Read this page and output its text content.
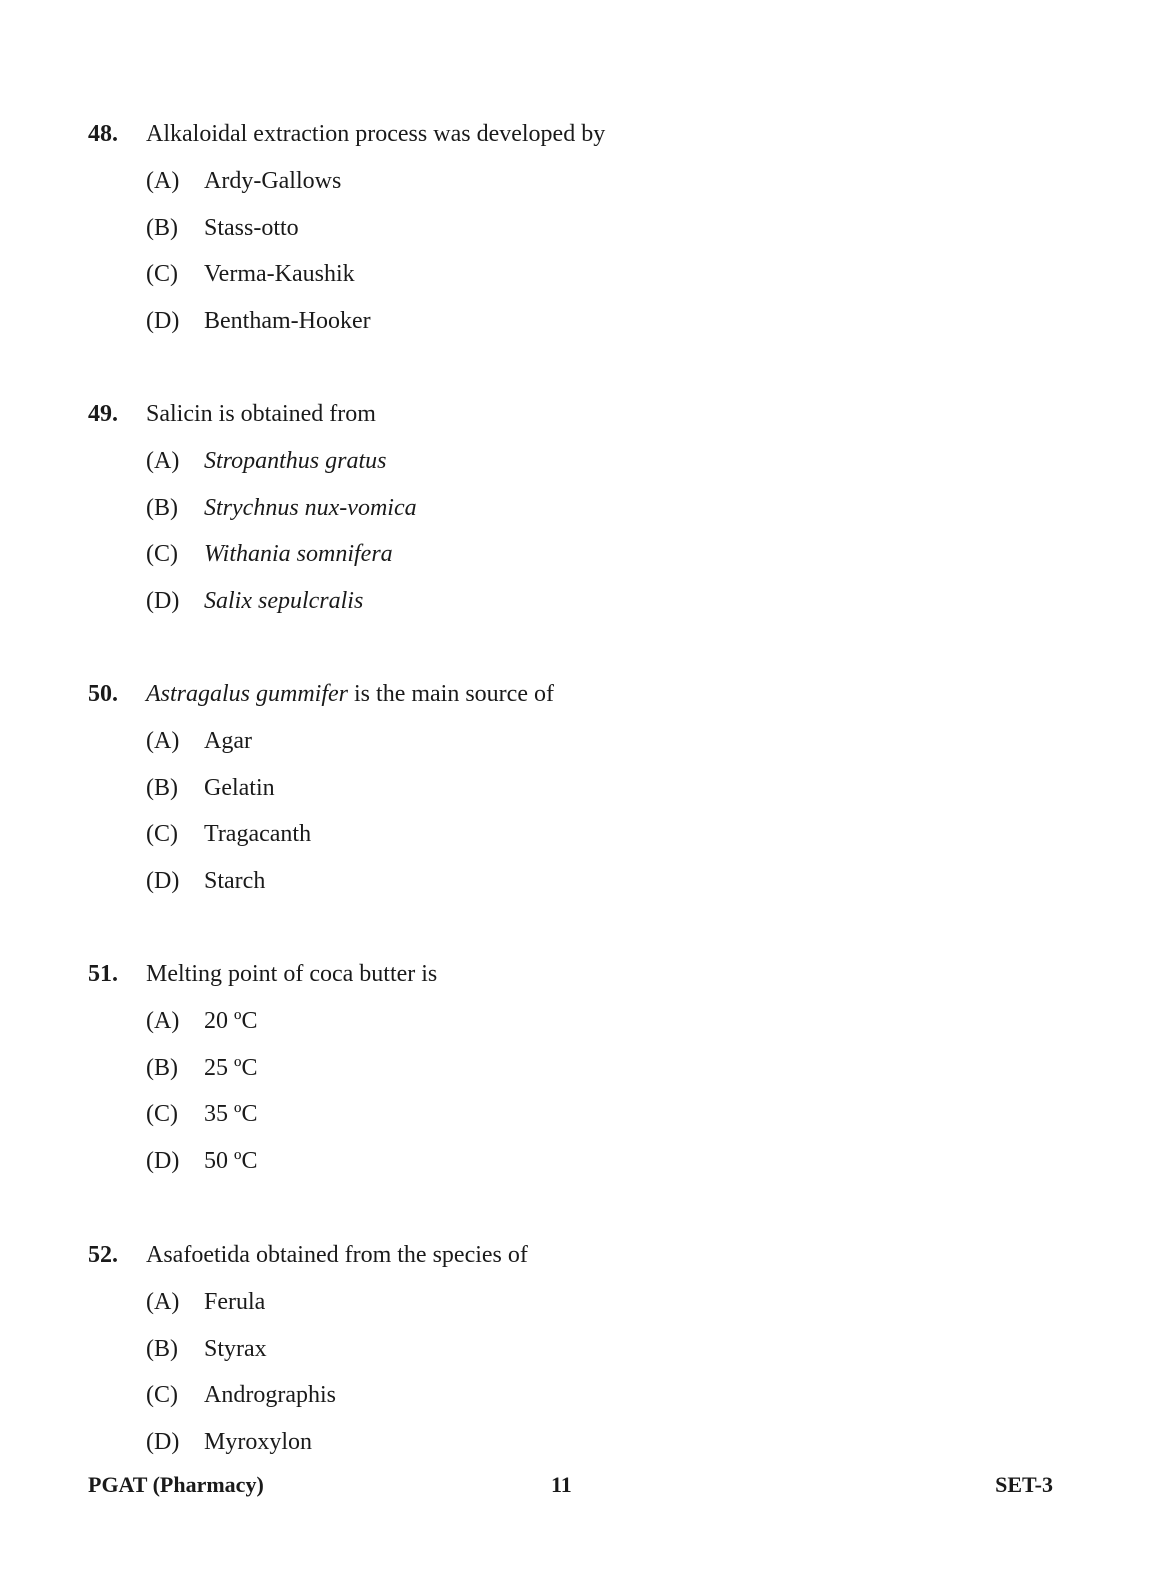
48.	Alkaloidal extraction process was developed by
(A)	Ardy-Gallows
(B)	Stass-otto
(C)	Verma-Kaushik
(D)	Bentham-Hooker
49.	Salicin is obtained from
(A)	Stropanthus gratus
(B)	Strychnus nux-vomica
(C)	Withania somnifera
(D)	Salix sepulcralis
50.	Astragalus gummifer is the main source of
(A)	Agar
(B)	Gelatin
(C)	Tragacanth
(D)	Starch
51.	Melting point of coca butter is
(A)	20 ºC
(B)	25 ºC
(C)	35 ºC
(D)	50 ºC
52.	Asafoetida obtained from the species of
(A)	Ferula
(B)	Styrax
(C)	Andrographis
(D)	Myroxylon
PGAT (Pharmacy)	11	SET-3
